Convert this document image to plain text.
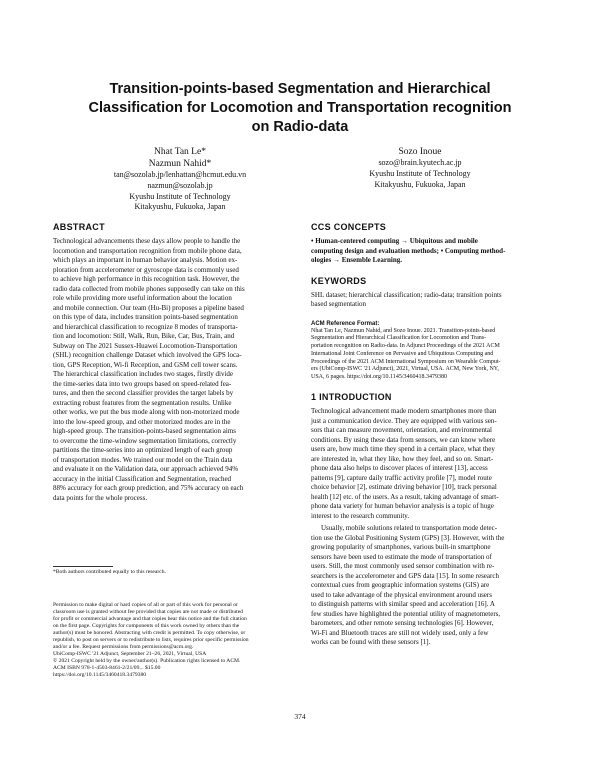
Transition-points-based Segmentation and Hierarchical
Classification for Locomotion and Transportation recognition
on Radio-data
Nhat Tan Le*
Nazmun Nahid*
tan@sozolab.jp/lenhattan@hcmut.edu.vn
nazmun@sozolab.jp
Kyushu Institute of Technology
Kitakyushu, Fukuoka, Japan
Sozo Inoue
sozo@brain.kyutech.ac.jp
Kyushu Institute of Technology
Kitakyushu, Fukuoka, Japan
ABSTRACT
Technological advancements these days allow people to handle the
locomotion and transportation recognition from mobile phone data,
which plays an important in human behavior analysis. Motion ex-
ploration from accelerometer or gyroscope data is commonly used
to achieve high performance in this recognition task. However, the
radio data collected from mobile phones supposedly can take on this
role while providing more useful information about the location
and mobile connection. Our team (Hu-Bi) proposes a pipeline based
on this type of data, includes transition points-based segmentation
and hierarchical classification to recognize 8 modes of transporta-
tion and locomotion: Still, Walk, Run, Bike, Car, Bus, Train, and
Subway on The 2021 Sussex-Huawei Locomotion-Transportation
(SHL) recognition challenge Dataset which involved the GPS loca-
tion, GPS Reception, Wi-fi Reception, and GSM cell tower scans.
The hierarchical classification includes two stages, firstly divide
the time-series data into two groups based on speed-related fea-
tures, and then the second classifier provides the target labels by
extracting robust features from the segmentation results. Unlike
other works, we put the bus mode along with non-motorized mode
into the low-speed group, and other motorized modes are in the
high-speed group. The transition-points-based segmentation aims
to overcome the time-window segmentation limitations, correctly
partitions the time-series into an optimized length of each group
of transportation modes. We trained our model on the Train data
and evaluate it on the Validation data, our approach achieved 94%
accuracy in the initial Classification and Segmentation, reached
88% accuracy for each group prediction, and 75% accuracy on each
data points for the whole process.
*Both authors contributed equally to this research.
Permission to make digital or hard copies of all or part of this work for personal or
classroom use is granted without fee provided that copies are not made or distributed
for profit or commercial advantage and that copies bear this notice and the full citation
on the first page. Copyrights for components of this work owned by others than the
author(s) must be honored. Abstracting with credit is permitted. To copy otherwise, or
republish, to post on servers or to redistribute to lists, requires prior specific permission
and/or a fee. Request permissions from permissions@acm.org.
UbiComp-ISWC '21 Adjunct, September 21–26, 2021, Virtual, USA
© 2021 Copyright held by the owner/author(s). Publication rights licensed to ACM.
ACM ISBN 978-1-4503-8461-2/21/09... $15.00
https://doi.org/10.1145/3460418.3479380
CCS CONCEPTS
• Human-centered computing → Ubiquitous and mobile
computing design and evaluation methods; • Computing method-
ologies → Ensemble Learning.
KEYWORDS
SHL dataset; hierarchical classification; radio-data; transition points
based segmentation
ACM Reference Format:
Nhat Tan Le, Nazmun Nahid, and Sozo Inoue. 2021. Transition-points-based
Segmentation and Hierarchical Classification for Locomotion and Trans-
portation recognition on Radio-data. In Adjunct Proceedings of the 2021 ACM
International Joint Conference on Pervasive and Ubiquitous Computing and
Proceedings of the 2021 ACM International Symposium on Wearable Comput-
ers (UbiComp-ISWC '21 Adjunct), 2021, Virtual, USA. ACM, New York, NY,
USA, 6 pages. https://doi.org/10.1145/3460418.3479380
1 INTRODUCTION
Technological advancement made modern smartphones more than
just a communication device. They are equipped with various sen-
sors that can measure movement, orientation, and environmental
conditions. By using these data from sensors, we can know where
users are, how much time they spend in a certain place, what they
are interested in, what they like, how they feel, and so on. Smart-
phone data also helps to discover places of interest [13], access
patterns [9], capture daily traffic activity profile [7], model route
choice behavior [2], estimate driving behavior [10], track personal
health [12] etc. of the users. As a result, taking advantage of smart-
phone data variety for human behavior analysis is a topic of huge
interest to the research community.
Usually, mobile solutions related to transportation mode detec-
tion use the Global Positioning System (GPS) [3]. However, with the
growing popularity of smartphones, various built-in smartphone
sensors have been used to estimate the mode of transportation of
users. Still, the most commonly used sensor combination with re-
searchers is the accelerometer and GPS data [15]. In some research
contextual cues from geographic information systems (GIS) are
used to take advantage of the physical environment around users
to distinguish patterns with similar speed and acceleration [16]. A
few studies have highlighted the potential utility of magnetometers,
barometers, and other remote sensing technologies [6]. However,
Wi-Fi and Bluetooth traces are still not widely used, only a few
works can be found with these sensors [1].
374
